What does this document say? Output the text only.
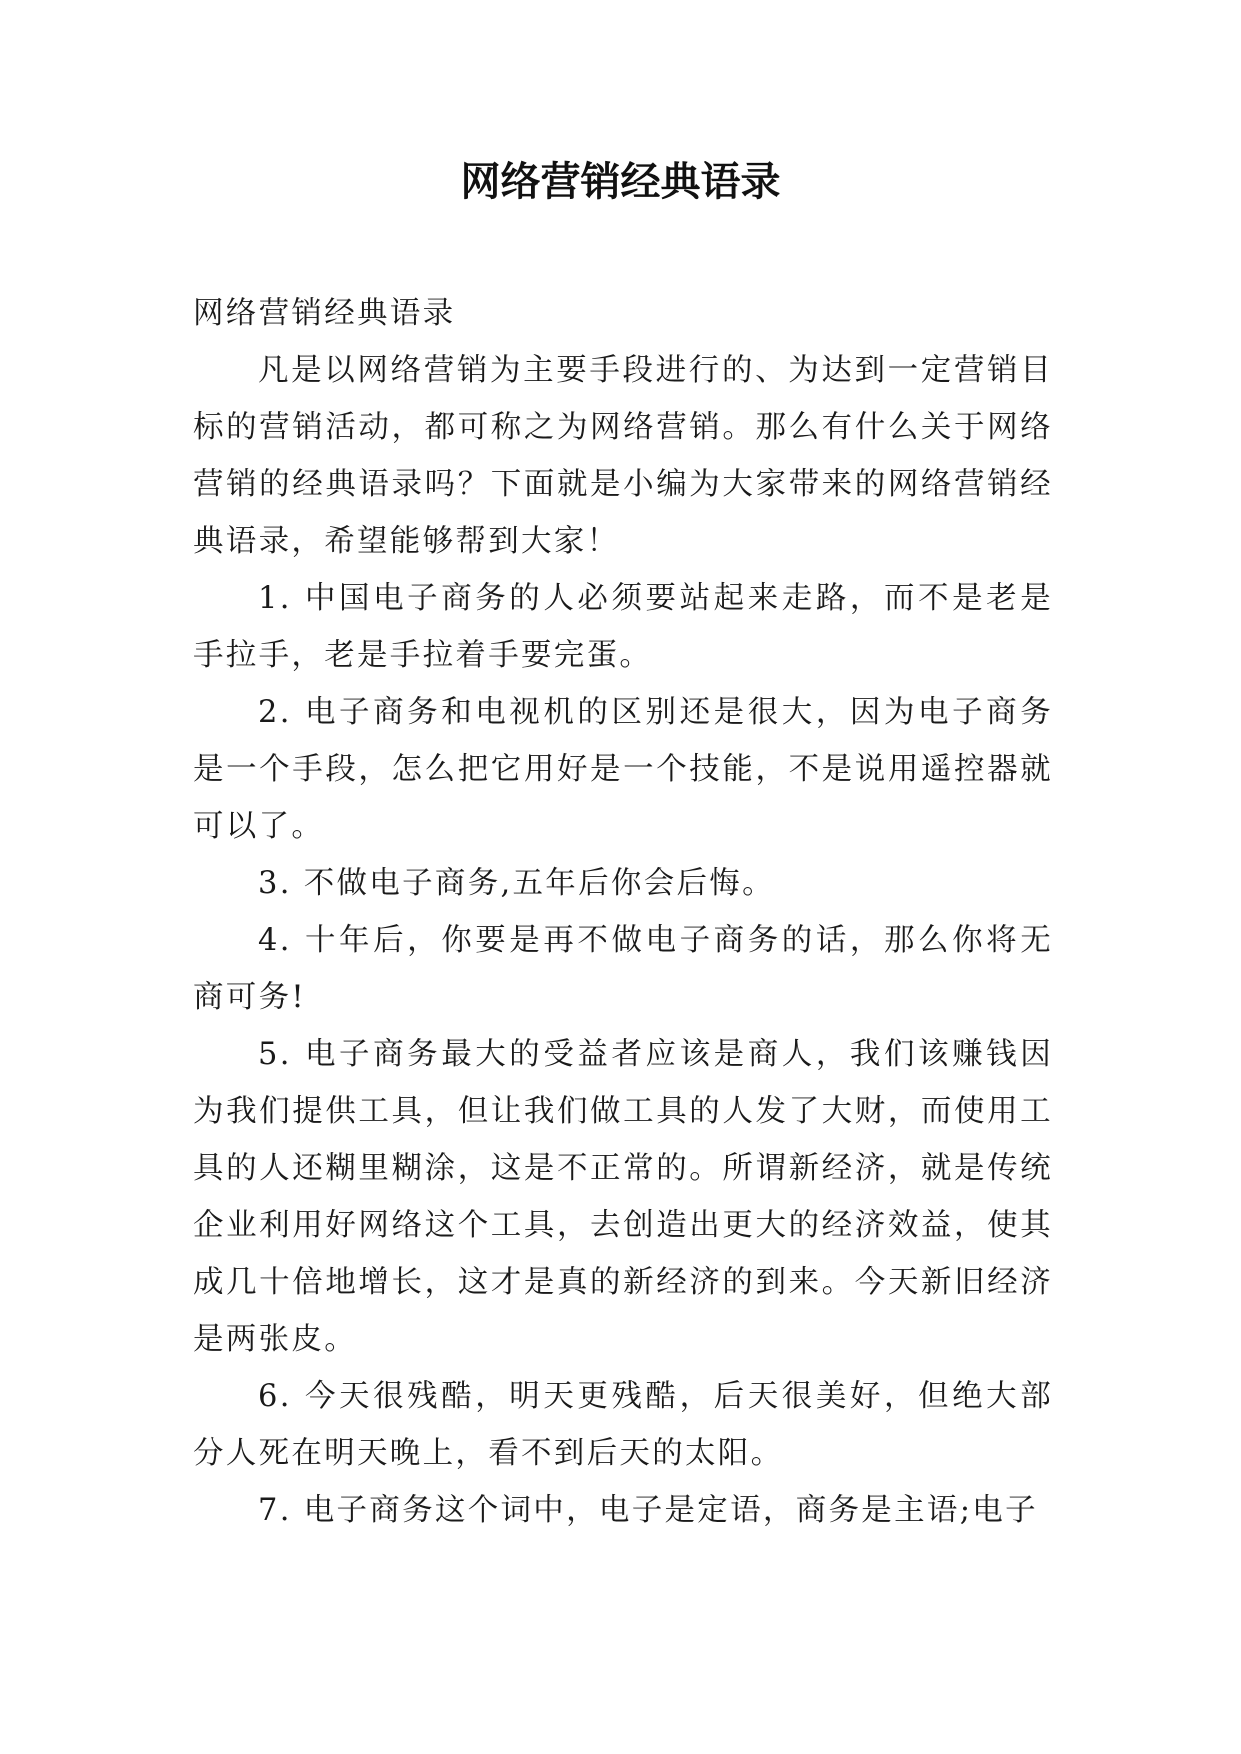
网络营销经典语录

网络营销经典语录

凡是以网络营销为主要手段进行的、为达到一定营销目标的营销活动，都可称之为网络营销。那么有什么关于网络营销的经典语录吗？下面就是小编为大家带来的网络营销经典语录，希望能够帮到大家！

1. 中国电子商务的人必须要站起来走路，而不是老是手拉手，老是手拉着手要完蛋。

2. 电子商务和电视机的区别还是很大，因为电子商务是一个手段，怎么把它用好是一个技能，不是说用遥控器就可以了。

3. 不做电子商务,五年后你会后悔。

4. 十年后，你要是再不做电子商务的话，那么你将无商可务!

5. 电子商务最大的受益者应该是商人，我们该赚钱因为我们提供工具，但让我们做工具的人发了大财，而使用工具的人还糊里糊涂，这是不正常的。所谓新经济，就是传统企业利用好网络这个工具，去创造出更大的经济效益，使其成几十倍地增长，这才是真的新经济的到来。今天新旧经济是两张皮。

6. 今天很残酷，明天更残酷，后天很美好，但绝大部分人死在明天晚上，看不到后天的太阳。

7. 电子商务这个词中，电子是定语，商务是主语;电子
